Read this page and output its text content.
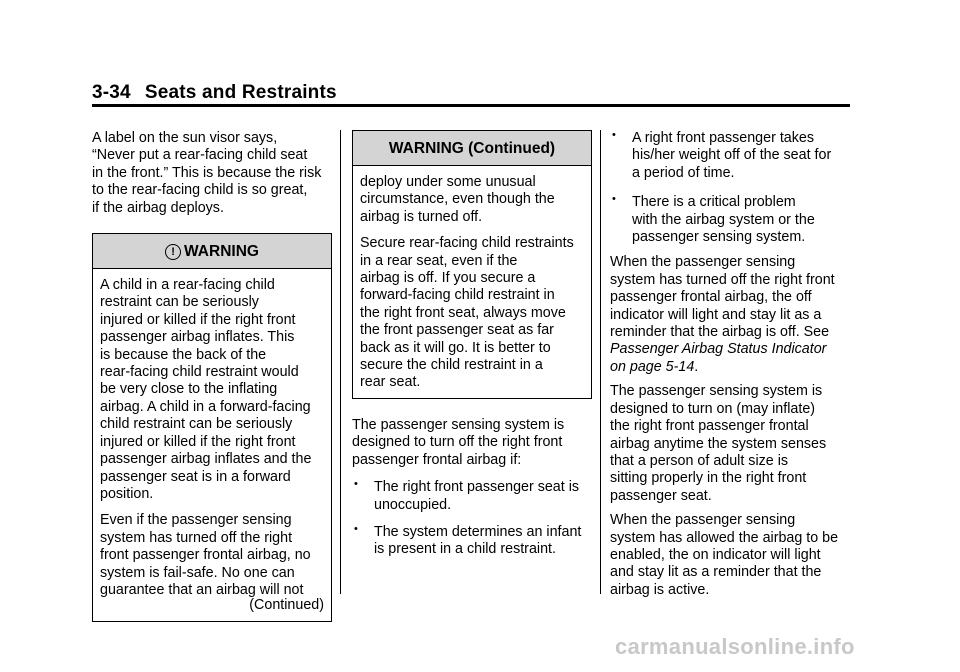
3-34 Seats and Restraints

A label on the sun visor says,
“Never put a rear-facing child seat
in the front.” This is because the risk
to the rear-facing child is so great,
if the airbag deploys.

! WARNING

A child in a rear-facing child
restraint can be seriously
injured or killed if the right front
passenger airbag inflates. This
is because the back of the
rear-facing child restraint would
be very close to the inflating
airbag. A child in a forward-facing
child restraint can be seriously
injured or killed if the right front
passenger airbag inflates and the
passenger seat is in a forward
position.

Even if the passenger sensing
system has turned off the right
front passenger frontal airbag, no
system is fail-safe. No one can
guarantee that an airbag will not

(Continued)
WARNING (Continued)

deploy under some unusual
circumstance, even though the
airbag is turned off.

Secure rear-facing child restraints
in a rear seat, even if the
airbag is off. If you secure a
forward-facing child restraint in
the right front seat, always move
the front passenger seat as far
back as it will go. It is better to
secure the child restraint in a
rear seat.

The passenger sensing system is
designed to turn off the right front
passenger frontal airbag if:

• The right front passenger seat is
unoccupied.
• The system determines an infant
is present in a child restraint.
• A right front passenger takes
his/her weight off of the seat for
a period of time.
• There is a critical problem
with the airbag system or the
passenger sensing system.

When the passenger sensing
system has turned off the right front
passenger frontal airbag, the off
indicator will light and stay lit as a
reminder that the airbag is off. See
Passenger Airbag Status Indicator
on page 5-14.

The passenger sensing system is
designed to turn on (may inflate)
the right front passenger frontal
airbag anytime the system senses
that a person of adult size is
sitting properly in the right front
passenger seat.

When the passenger sensing
system has allowed the airbag to be
enabled, the on indicator will light
and stay lit as a reminder that the
airbag is active.

carmanualsonline.info
